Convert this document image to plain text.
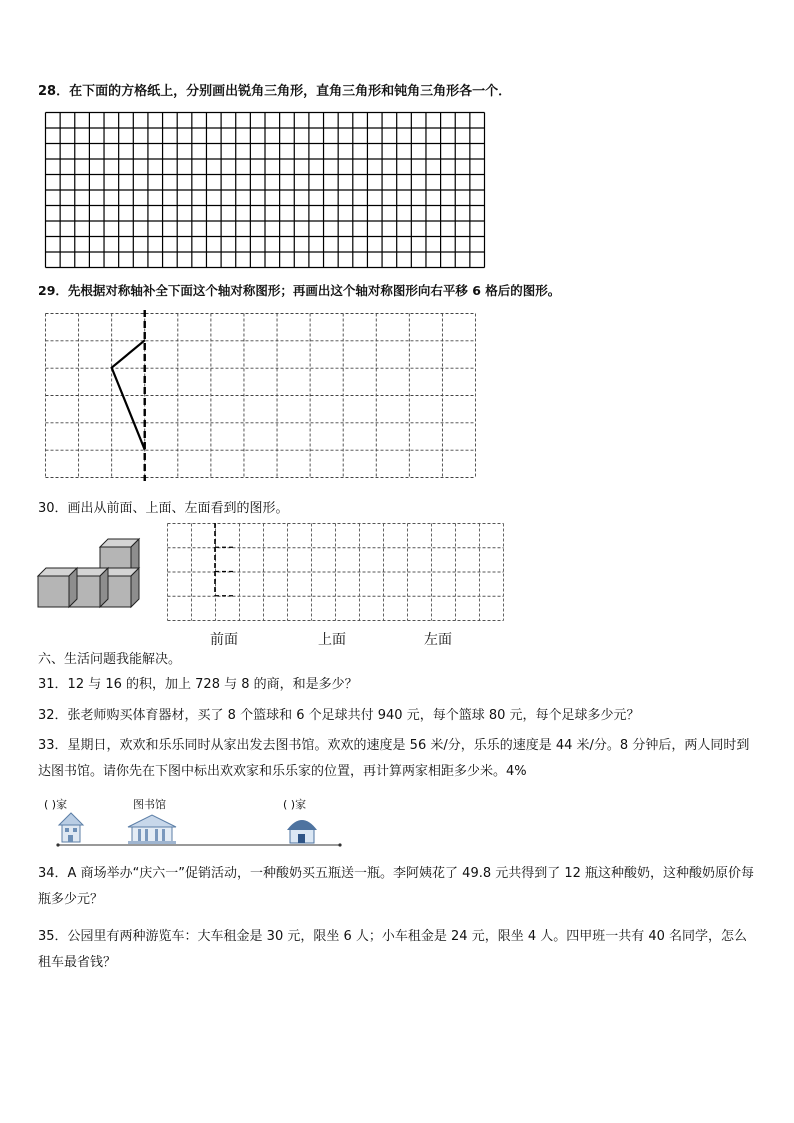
28．在下面的方格纸上，分别画出锐角三角形，直角三角形和钝角三角形各一个．
29．先根据对称轴补全下面这个轴对称图形；再画出这个轴对称图形向右平移 6 格后的图形。
30．画出从前面、上面、左面看到的图形。
前面	上面	左面
六、生活问题我能解决。
31．12 与 16 的积，加上 728 与 8 的商，和是多少？
32．张老师购买体育器材，买了 8 个篮球和 6 个足球共付 940 元，每个篮球 80 元，每个足球多少元？
33．星期日，欢欢和乐乐同时从家出发去图书馆。欢欢的速度是 56 米/分，乐乐的速度是 44 米/分。8 分钟后，两人同时到达图书馆。请你先在下图中标出欢欢家和乐乐家的位置，再计算两家相距多少米。4%
( )家	图书馆	( )家
34．A 商场举办“庆六一”促销活动，一种酸奶买五瓶送一瓶。李阿姨花了 49.8 元共得到了 12 瓶这种酸奶，这种酸奶原价每瓶多少元？
35．公园里有两种游览车：大车租金是 30 元，限坐 6 人；小车租金是 24 元，限坐 4 人。四甲班一共有 40 名同学，怎么租车最省钱？
